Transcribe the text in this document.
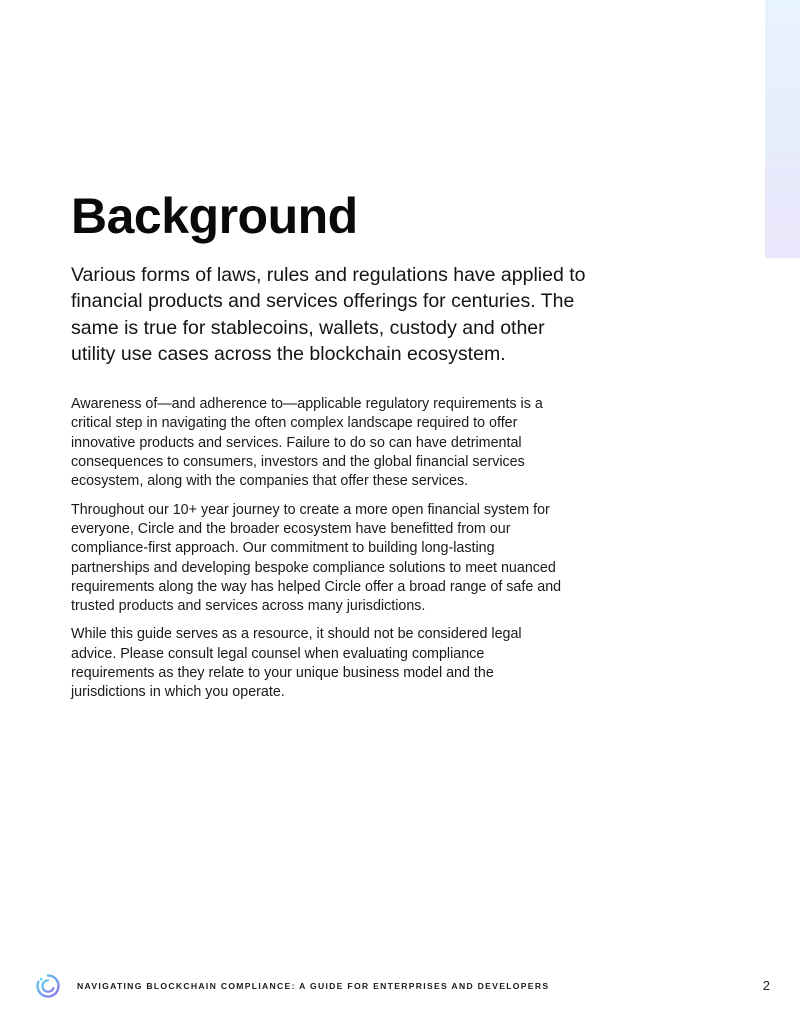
Background

Various forms of laws, rules and regulations have applied to financial products and services offerings for centuries. The same is true for stablecoins, wallets, custody and other utility use cases across the blockchain ecosystem.

Awareness of—and adherence to—applicable regulatory requirements is a critical step in navigating the often complex landscape required to offer innovative products and services. Failure to do so can have detrimental consequences to consumers, investors and the global financial services ecosystem, along with the companies that offer these services.

Throughout our 10+ year journey to create a more open financial system for everyone, Circle and the broader ecosystem have benefitted from our compliance-first approach. Our commitment to building long-lasting partnerships and developing bespoke compliance solutions to meet nuanced requirements along the way has helped Circle offer a broad range of safe and trusted products and services across many jurisdictions.

While this guide serves as a resource, it should not be considered legal advice. Please consult legal counsel when evaluating compliance requirements as they relate to your unique business model and the jurisdictions in which you operate.

NAVIGATING BLOCKCHAIN COMPLIANCE: A GUIDE FOR ENTERPRISES AND DEVELOPERS	2
